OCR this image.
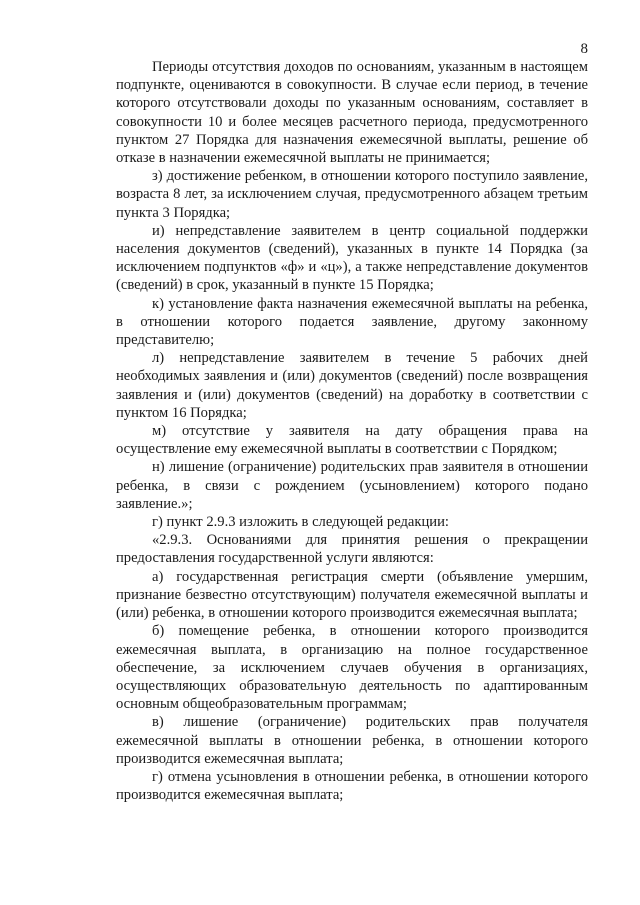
8

Периоды отсутствия доходов по основаниям, указанным в настоящем подпункте, оцениваются в совокупности. В случае если период, в течение которого отсутствовали доходы по указанным основаниям, составляет в совокупности 10 и более месяцев расчетного периода, предусмотренного пунктом 27 Порядка для назначения ежемесячной выплаты, решение об отказе в назначении ежемесячной выплаты не принимается;

з) достижение ребенком, в отношении которого поступило заявление, возраста 8 лет, за исключением случая, предусмотренного абзацем третьим пункта 3 Порядка;

и) непредставление заявителем в центр социальной поддержки населения документов (сведений), указанных в пункте 14 Порядка (за исключением подпунктов «ф» и «ц»), а также непредставление документов (сведений) в срок, указанный в пункте 15 Порядка;

к) установление факта назначения ежемесячной выплаты на ребенка, в отношении которого подается заявление, другому законному представителю;

л) непредставление заявителем в течение 5 рабочих дней необходимых заявления и (или) документов (сведений) после возвращения заявления и (или) документов (сведений) на доработку в соответствии с пунктом 16 Порядка;

м) отсутствие у заявителя на дату обращения права на осуществление ему ежемесячной выплаты в соответствии с Порядком;

н) лишение (ограничение) родительских прав заявителя в отношении ребенка, в связи с рождением (усыновлением) которого подано заявление.»;

г) пункт 2.9.3 изложить в следующей редакции:

«2.9.3. Основаниями для принятия решения о прекращении предоставления государственной услуги являются:

а) государственная регистрация смерти (объявление умершим, признание безвестно отсутствующим) получателя ежемесячной выплаты и (или) ребенка, в отношении которого производится ежемесячная выплата;

б) помещение ребенка, в отношении которого производится ежемесячная выплата, в организацию на полное государственное обеспечение, за исключением случаев обучения в организациях, осуществляющих образовательную деятельность по адаптированным основным общеобразовательным программам;

в) лишение (ограничение) родительских прав получателя ежемесячной выплаты в отношении ребенка, в отношении которого производится ежемесячная выплата;

г) отмена усыновления в отношении ребенка, в отношении которого производится ежемесячная выплата;
